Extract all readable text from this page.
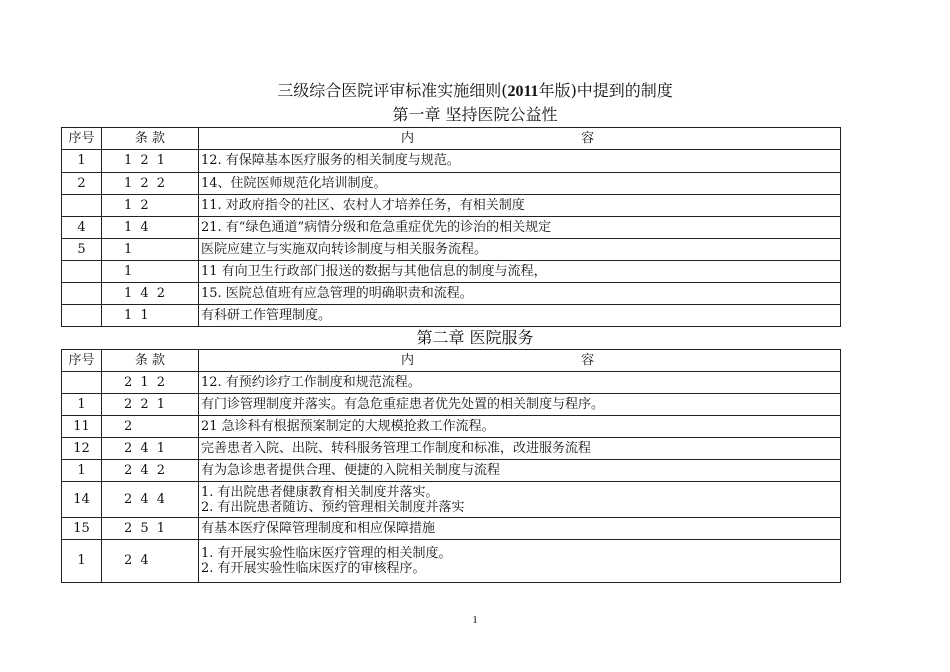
三级综合医院评审标准实施细则(2011年版)中提到的制度
第一章 坚持医院公益性
序号	条 款	内 容
1	1 2 1	12. 有保障基本医疗服务的相关制度与规范。
2	1 2 2	14、住院医师规范化培训制度。
	1 2	11. 对政府指令的社区、农村人才培养任务，有相关制度
4	1 4	21. 有“绿色通道”病情分级和危急重症优先的诊治的相关规定
5	1	医院应建立与实施双向转诊制度与相关服务流程。
	1	11 有向卫生行政部门报送的数据与其他信息的制度与流程，
	1 4 2	15. 医院总值班有应急管理的明确职责和流程。
	1 1	有科研工作管理制度。
第二章 医院服务
序号	条 款	内 容
	2 1 2	12. 有预约诊疗工作制度和规范流程。
1	2 2 1	有门诊管理制度并落实。有急危重症患者优先处置的相关制度与程序。
11	2	21 急诊科有根据预案制定的大规模抢救工作流程。
12	2 4 1	完善患者入院、出院、转科服务管理工作制度和标准，改进服务流程
1	2 4 2	有为急诊患者提供合理、便捷的入院相关制度与流程
14	2 4 4	1. 有出院患者健康教育相关制度并落实。
2. 有出院患者随访、预约管理相关制度并落实

15	2 5 1	有基本医疗保障管理制度和相应保障措施
1	2 4	1. 有开展实验性临床医疗管理的相关制度。
2. 有开展实验性临床医疗的审核程序。
1
